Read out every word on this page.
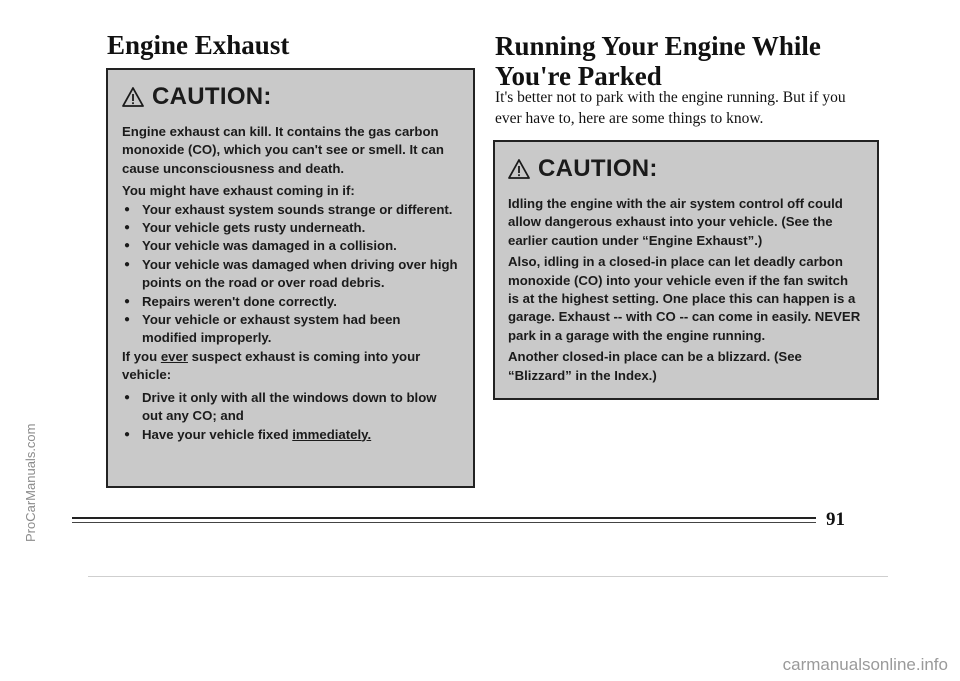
Engine Exhaust
CAUTION:

Engine exhaust can kill. It contains the gas carbon monoxide (CO), which you can't see or smell. It can cause unconsciousness and death.

You might have exhaust coming in if:

● Your exhaust system sounds strange or different.
● Your vehicle gets rusty underneath.
● Your vehicle was damaged in a collision.
● Your vehicle was damaged when driving over high points on the road or over road debris.
● Repairs weren't done correctly.
● Your vehicle or exhaust system had been modified improperly.

If you ever suspect exhaust is coming into your vehicle:

● Drive it only with all the windows down to blow out any CO; and
● Have your vehicle fixed immediately.
Running Your Engine While You're Parked

It's better not to park with the engine running. But if you ever have to, here are some things to know.

CAUTION:

Idling the engine with the air system control off could allow dangerous exhaust into your vehicle. (See the earlier caution under “Engine Exhaust”.)

Also, idling in a closed-in place can let deadly carbon monoxide (CO) into your vehicle even if the fan switch is at the highest setting. One place this can happen is a garage. Exhaust -- with CO -- can come in easily. NEVER park in a garage with the engine running.

Another closed-in place can be a blizzard. (See “Blizzard” in the Index.)

91
ProCarManuals.com
carmanualsonline.info
